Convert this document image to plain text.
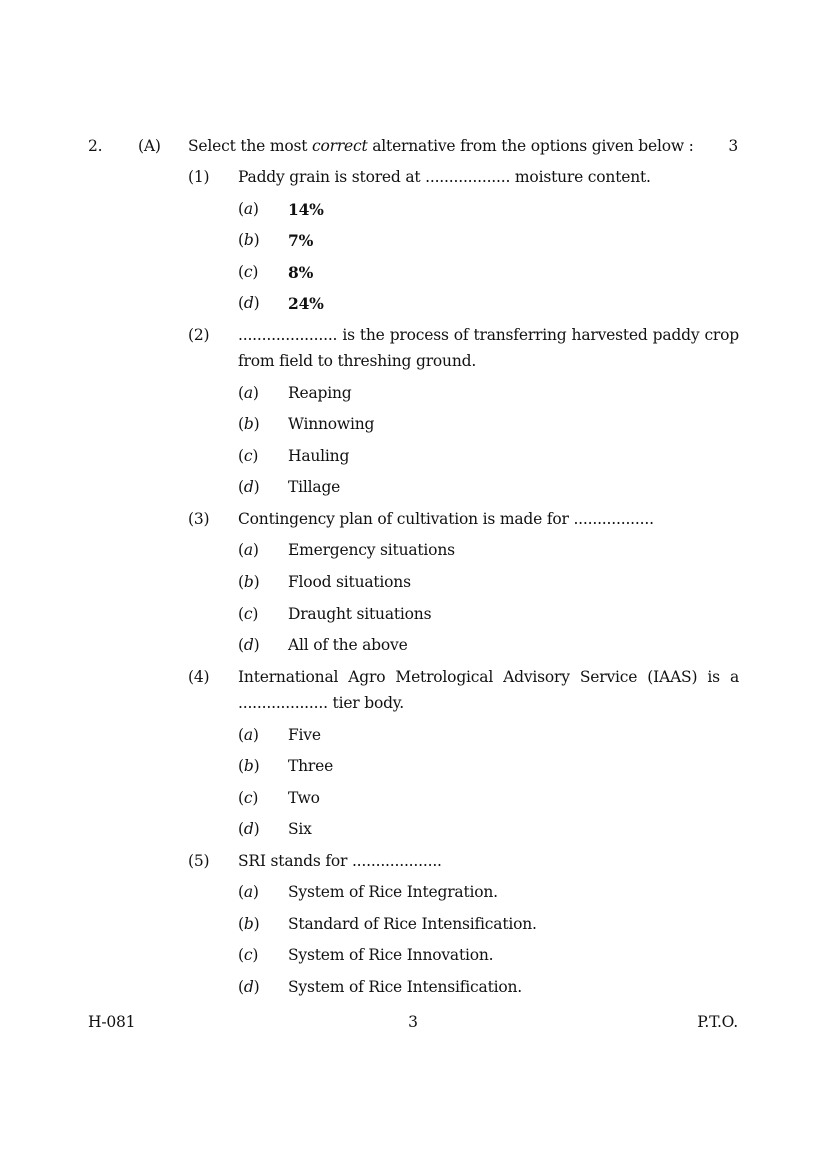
2. (A) Select the most correct alternative from the options given below : 3
(1) Paddy grain is stored at .................. moisture content.
(a) 14%
(b) 7%
(c) 8%
(d) 24%
(2) ..................... is the process of transferring harvested paddy crop from field to threshing ground.
(a) Reaping
(b) Winnowing
(c) Hauling
(d) Tillage
(3) Contingency plan of cultivation is made for .................
(a) Emergency situations
(b) Flood situations
(c) Draught situations
(d) All of the above
(4) International Agro Metrological Advisory Service (IAAS) is a ................... tier body.
(a) Five
(b) Three
(c) Two
(d) Six
(5) SRI stands for ...................
(a) System of Rice Integration.
(b) Standard of Rice Intensification.
(c) System of Rice Innovation.
(d) System of Rice Intensification.
H-081	3	P.T.O.
